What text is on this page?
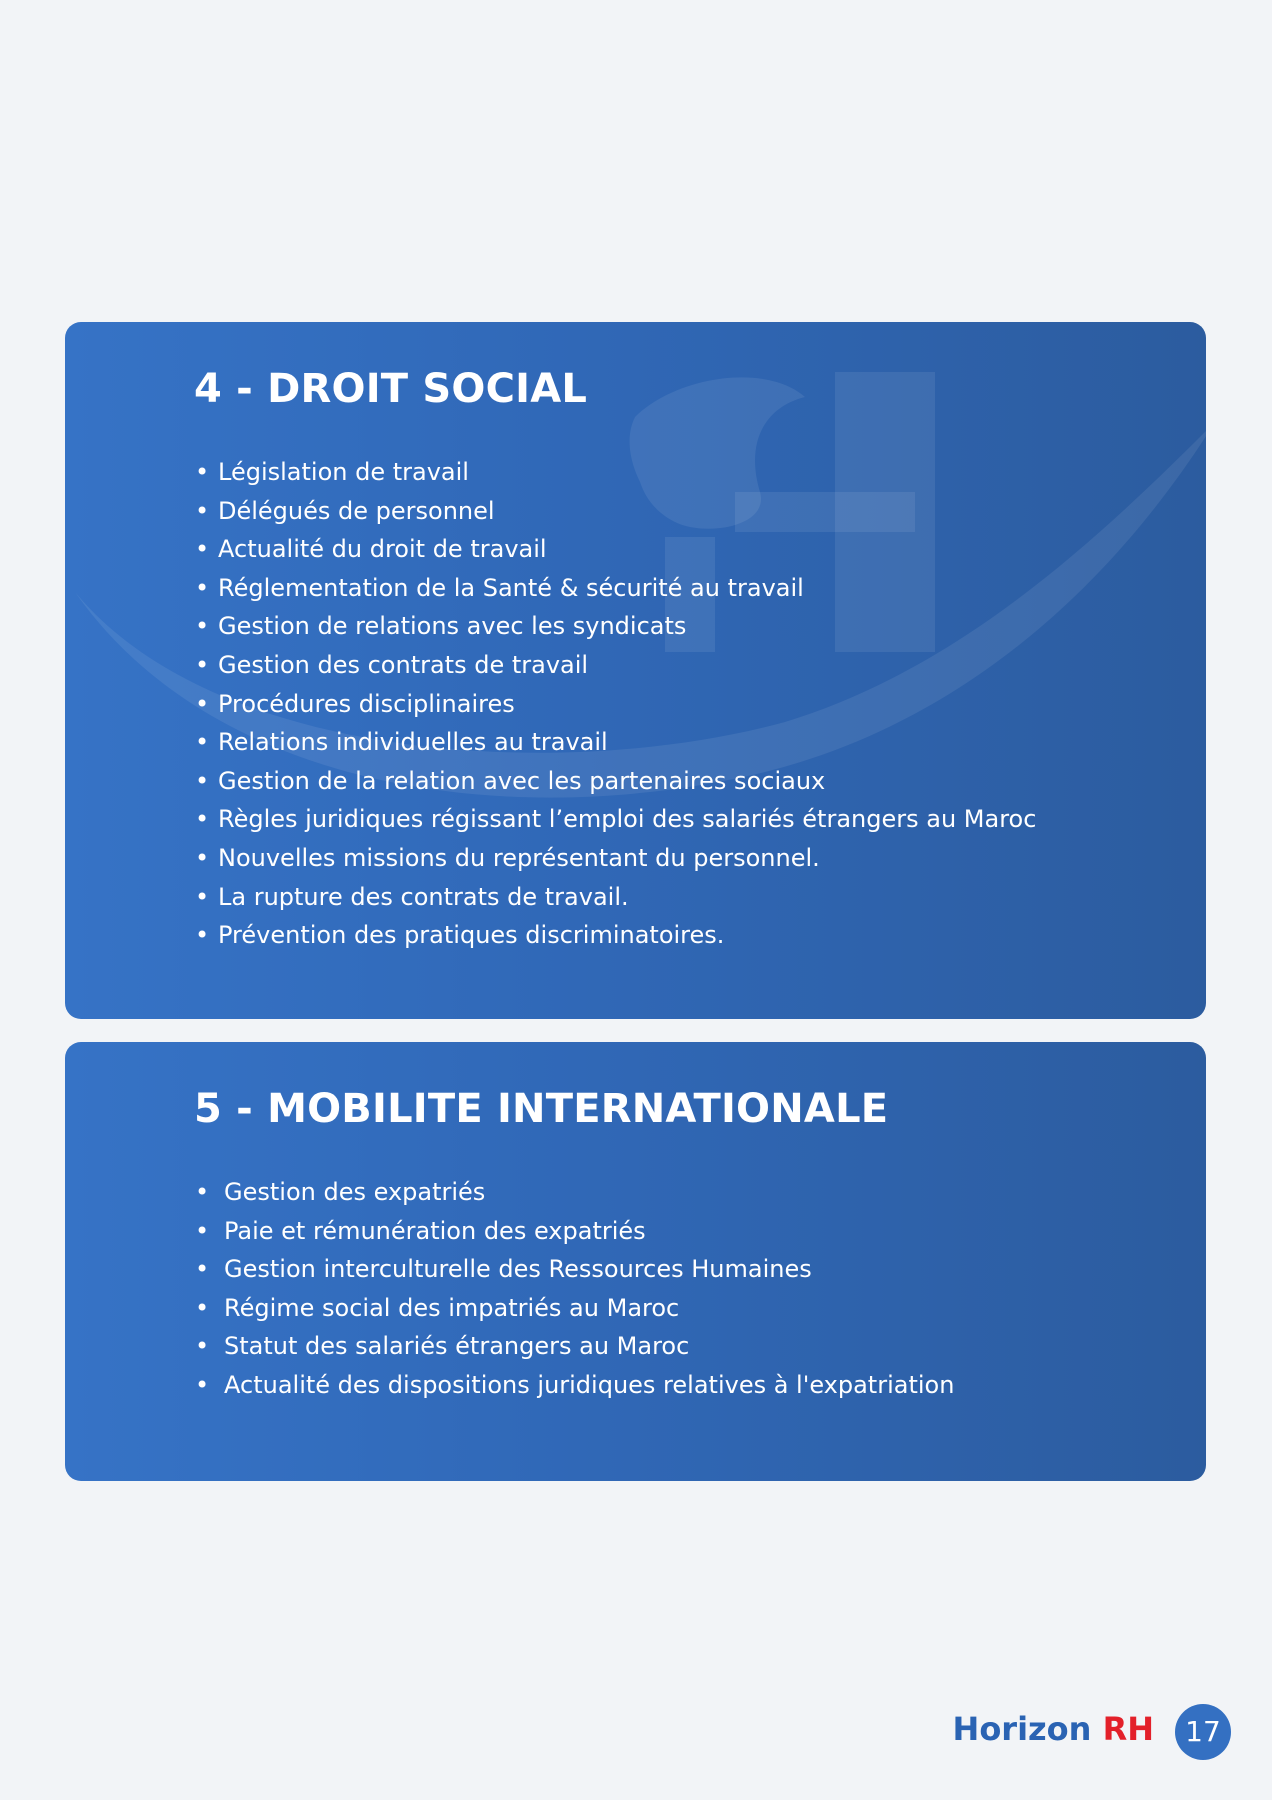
4 - DROIT SOCIAL
• Législation de travail
• Délégués de personnel
• Actualité du droit de travail
• Réglementation de la Santé & sécurité au travail
• Gestion de relations avec les syndicats
• Gestion des contrats de travail
• Procédures disciplinaires
• Relations individuelles au travail
• Gestion de la relation avec les partenaires sociaux
• Règles juridiques régissant l’emploi des salariés étrangers au Maroc
• Nouvelles missions du représentant du personnel.
• La rupture des contrats de travail.
• Prévention des pratiques discriminatoires.
5 - MOBILITE INTERNATIONALE
• Gestion des expatriés
• Paie et rémunération des expatriés
• Gestion interculturelle des Ressources Humaines
• Régime social des impatriés au Maroc
• Statut des salariés étrangers au Maroc
• Actualité des dispositions juridiques relatives à l'expatriation
Horizon RH	17
